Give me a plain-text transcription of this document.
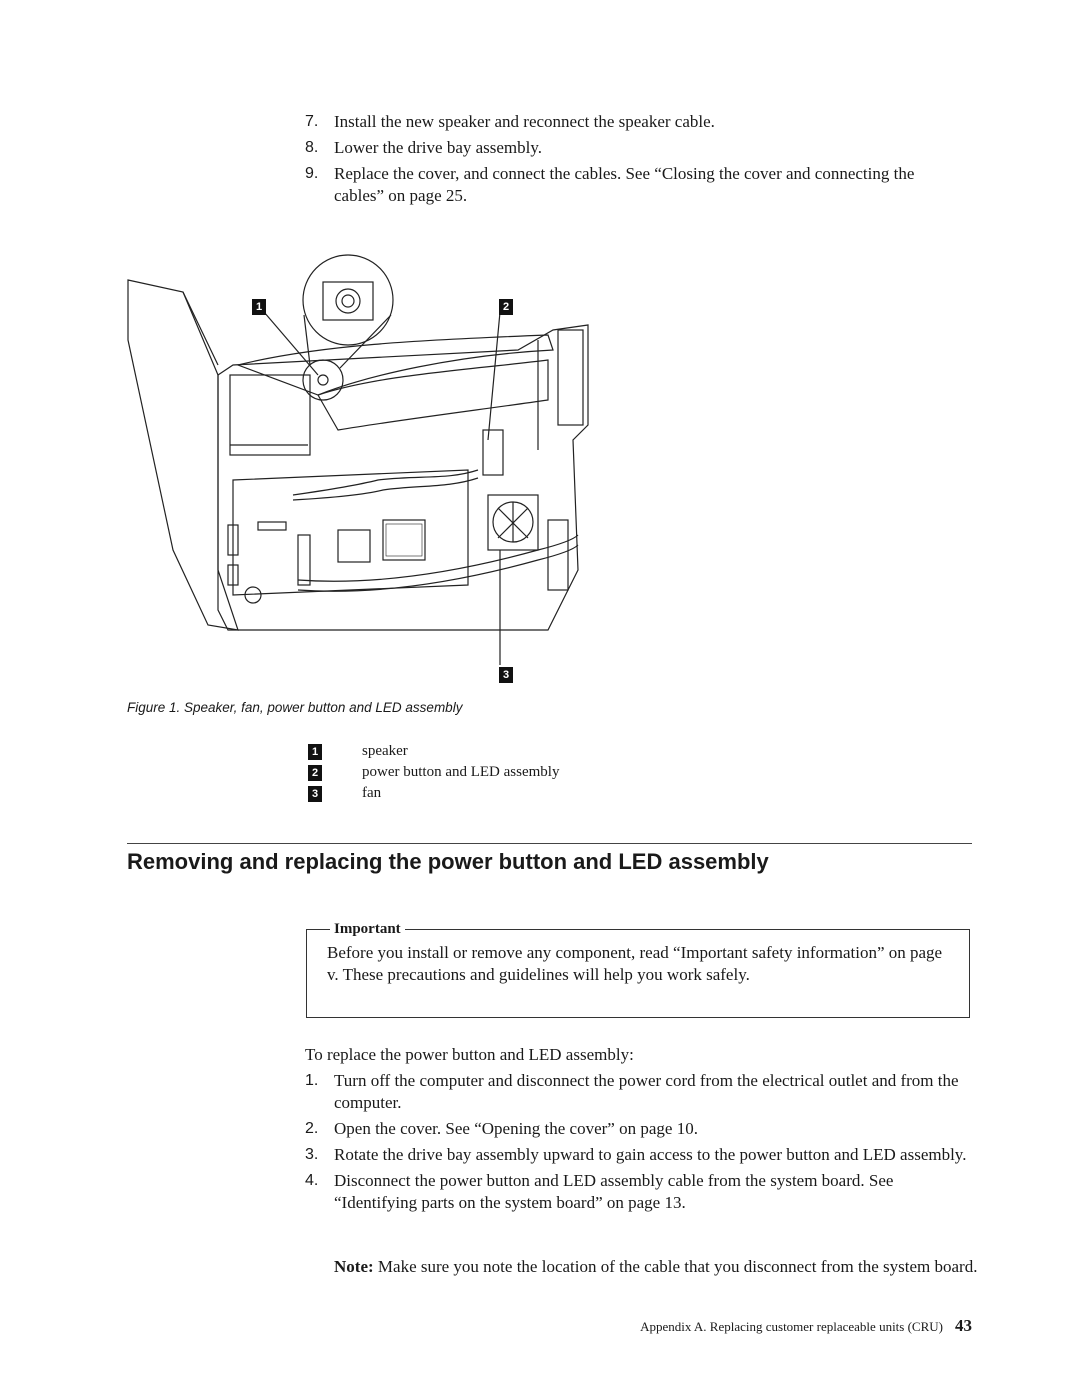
7. Install the new speaker and reconnect the speaker cable.
8. Lower the drive bay assembly.
9. Replace the cover, and connect the cables. See “Closing the cover and connecting the cables” on page 25.
1	2
3
Figure 1. Speaker, fan, power button and LED assembly
1	speaker
2	power button and LED assembly
3	fan
Removing and replacing the power button and LED assembly
Important

Before you install or remove any component, read “Important safety information” on page v. These precautions and guidelines will help you work safely.

To replace the power button and LED assembly:

1. Turn off the computer and disconnect the power cord from the electrical outlet and from the computer.
2. Open the cover. See “Opening the cover” on page 10.
3. Rotate the drive bay assembly upward to gain access to the power button and LED assembly.
4. Disconnect the power button and LED assembly cable from the system board. See “Identifying parts on the system board” on page 13.

Note: Make sure you note the location of the cable that you disconnect from the system board.

Appendix A. Replacing customer replaceable units (CRU) 43
